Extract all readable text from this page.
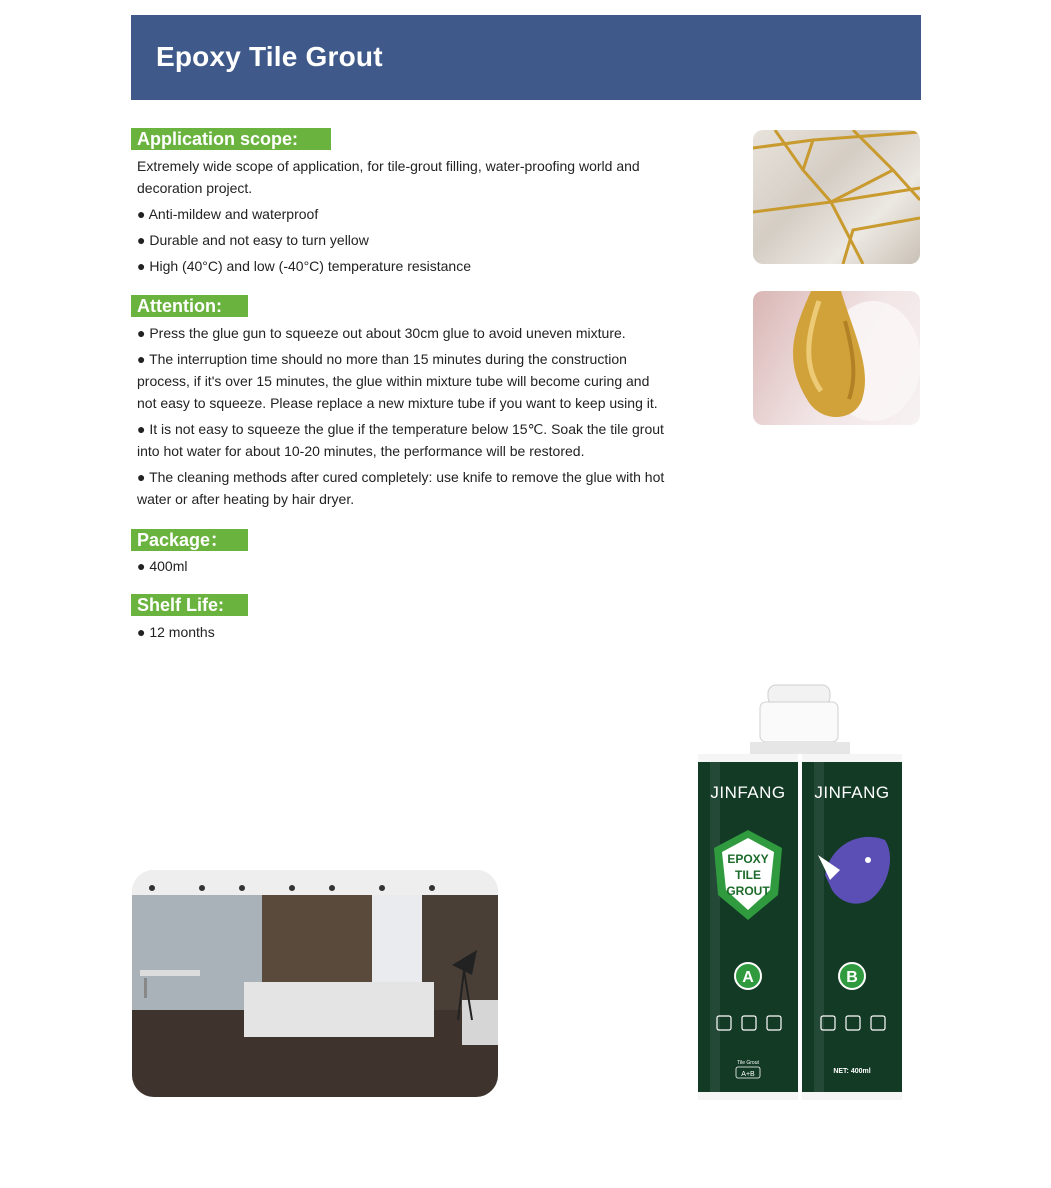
Epoxy Tile Grout
Application scope:

Extremely wide scope of application, for tile-grout filling, water-proofing world and decoration project.

● Anti-mildew and waterproof

● Durable and not easy to turn yellow

● High (40°C) and low (-40°C) temperature resistance

Attention:

● Press the glue gun to squeeze out about 30cm glue to avoid uneven mixture.

● The interruption time should no more than 15 minutes during the construction process, if it's over 15 minutes, the glue within mixture tube will become curing and not easy to squeeze. Please replace a new mixture tube if you want to keep using it.

● It is not easy to squeeze the glue if the temperature below 15℃. Soak the tile grout into hot water for about 10-20 minutes, the performance will be restored.

● The cleaning methods after cured completely: use knife to remove the glue with hot water or after heating by hair dryer.

Package：

● 400ml

Shelf Life:

● 12 months

JINFANG JINFANG
EPOXY
TILE
GROUT
A	B
Tile Grout
A+B	NET: 400ml
